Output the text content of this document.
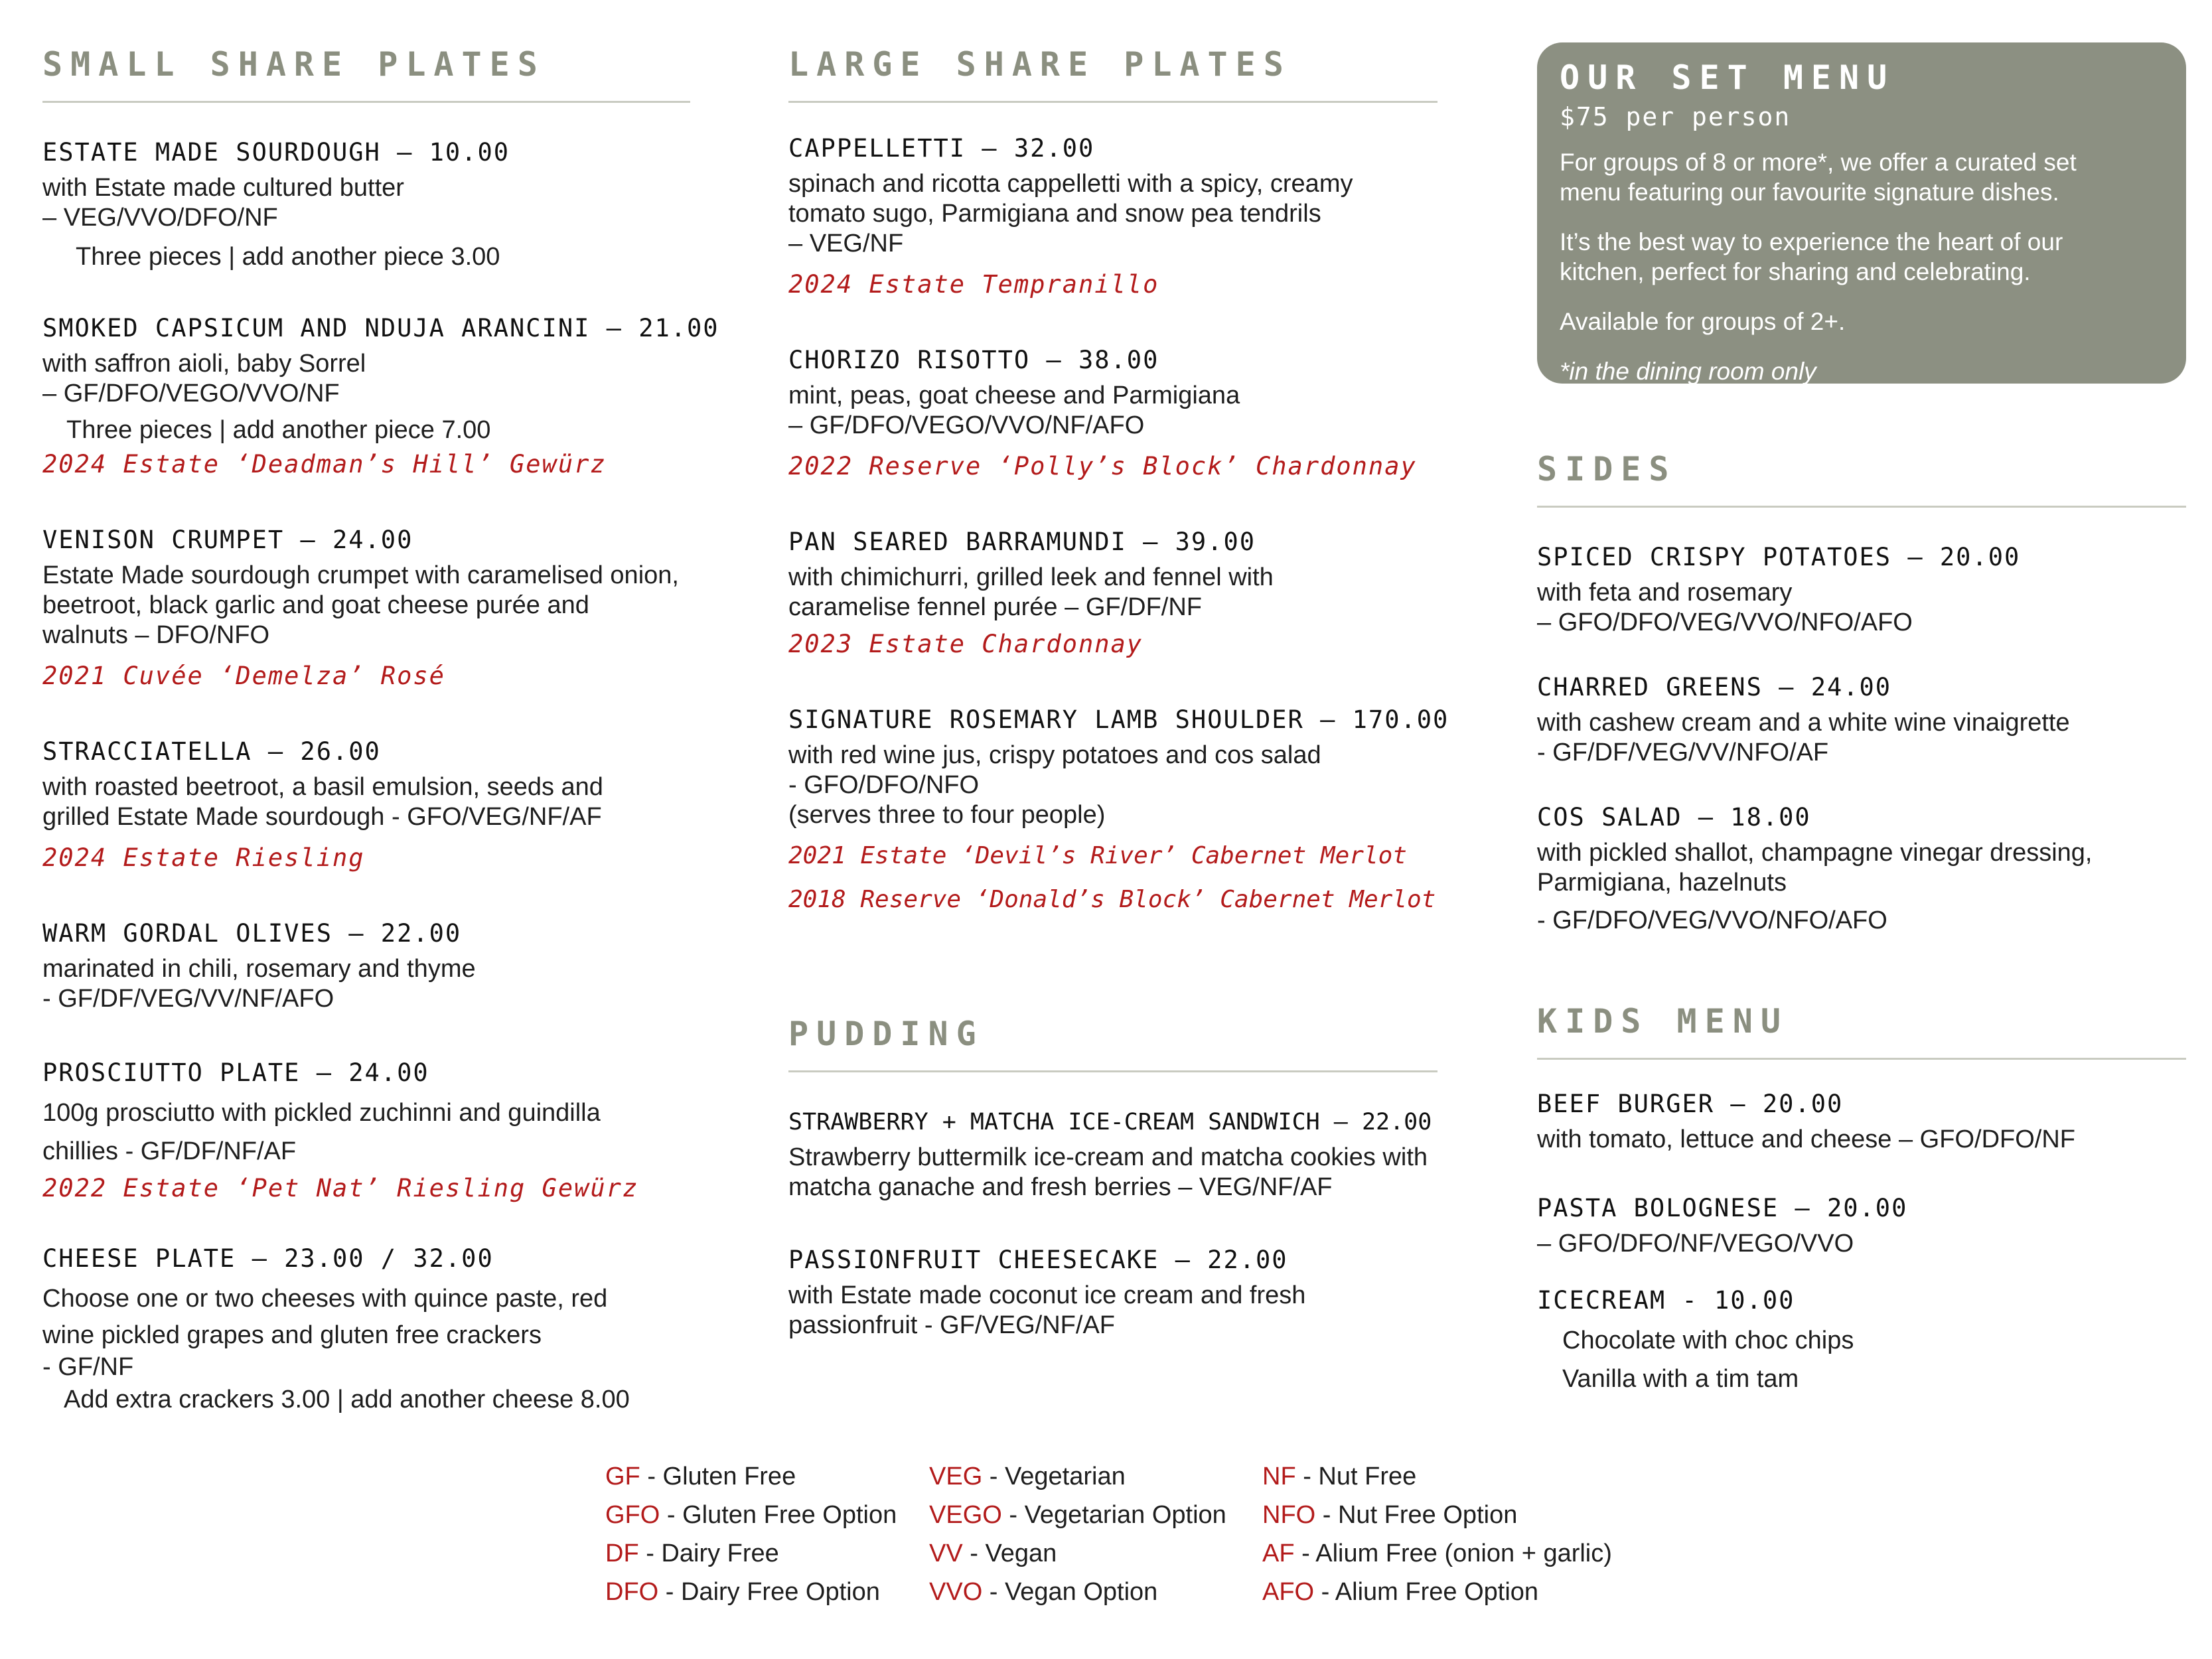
SMALL SHARE PLATES
ESTATE MADE SOURDOUGH — 10.00
with Estate made cultured butter
– VEG/VVO/DFO/NF
Three pieces | add another piece 3.00
SMOKED CAPSICUM AND NDUJA ARANCINI — 21.00
with saffron aioli, baby Sorrel
– GF/DFO/VEGO/VVO/NF
Three pieces | add another piece 7.00
2024 Estate ‘Deadman’s Hill’ Gewürz
VENISON CRUMPET — 24.00
Estate Made sourdough crumpet with caramelised onion,
beetroot, black garlic and goat cheese purée and
walnuts – DFO/NFO
2021 Cuvée ‘Demelza’ Rosé
STRACCIATELLA — 26.00
with roasted beetroot, a basil emulsion, seeds and
grilled Estate Made sourdough - GFO/VEG/NF/AF
2024 Estate Riesling
WARM GORDAL OLIVES — 22.00
marinated in chili, rosemary and thyme
- GF/DF/VEG/VV/NF/AFO
PROSCIUTTO PLATE — 24.00
100g prosciutto with pickled zuchinni and guindilla
chillies - GF/DF/NF/AF
2022 Estate ‘Pet Nat’ Riesling Gewürz
CHEESE PLATE — 23.00 / 32.00
Choose one or two cheeses with quince paste, red
wine pickled grapes and gluten free crackers
- GF/NF
Add extra crackers 3.00 | add another cheese 8.00
LARGE SHARE PLATES
CAPPELLETTI — 32.00
spinach and ricotta cappelletti with a spicy, creamy
tomato sugo, Parmigiana and snow pea tendrils
– VEG/NF
2024 Estate Tempranillo
CHORIZO RISOTTO — 38.00
mint, peas, goat cheese and Parmigiana
– GF/DFO/VEGO/VVO/NF/AFO
2022 Reserve ‘Polly’s Block’ Chardonnay
PAN SEARED BARRAMUNDI — 39.00
with chimichurri, grilled leek and fennel with
caramelise fennel purée – GF/DF/NF
2023 Estate Chardonnay
SIGNATURE ROSEMARY LAMB SHOULDER — 170.00
with red wine jus, crispy potatoes and cos salad
- GFO/DFO/NFO
(serves three to four people)
2021 Estate ‘Devil’s River’ Cabernet Merlot
2018 Reserve ‘Donald’s Block’ Cabernet Merlot
PUDDING
STRAWBERRY + MATCHA ICE-CREAM SANDWICH — 22.00
Strawberry buttermilk ice-cream and matcha cookies with
matcha ganache and fresh berries – VEG/NF/AF
PASSIONFRUIT CHEESECAKE — 22.00
with Estate made coconut ice cream and fresh
passionfruit - GF/VEG/NF/AF
OUR SET MENU
$75 per person
For groups of 8 or more*, we offer a curated set
menu featuring our favourite signature dishes.
It’s the best way to experience the heart of our
kitchen, perfect for sharing and celebrating.
Available for groups of 2+.
*in the dining room only
SIDES
SPICED CRISPY POTATOES — 20.00
with feta and rosemary
– GFO/DFO/VEG/VVO/NFO/AFO
CHARRED GREENS — 24.00
with cashew cream and a white wine vinaigrette
- GF/DF/VEG/VV/NFO/AF
COS SALAD — 18.00
with pickled shallot, champagne vinegar dressing,
Parmigiana, hazelnuts
- GF/DFO/VEG/VVO/NFO/AFO
KIDS MENU
BEEF BURGER — 20.00
with tomato, lettuce and cheese – GFO/DFO/NF
PASTA BOLOGNESE — 20.00
– GFO/DFO/NF/VEGO/VVO
ICECREAM - 10.00
Chocolate with choc chips
Vanilla with a tim tam
GF - Gluten Free
GFO - Gluten Free Option
DF - Dairy Free
DFO - Dairy Free Option
VEG - Vegetarian
VEGO - Vegetarian Option
VV - Vegan
VVO - Vegan Option
NF - Nut Free
NFO - Nut Free Option
AF - Alium Free (onion + garlic)
AFO - Alium Free Option
